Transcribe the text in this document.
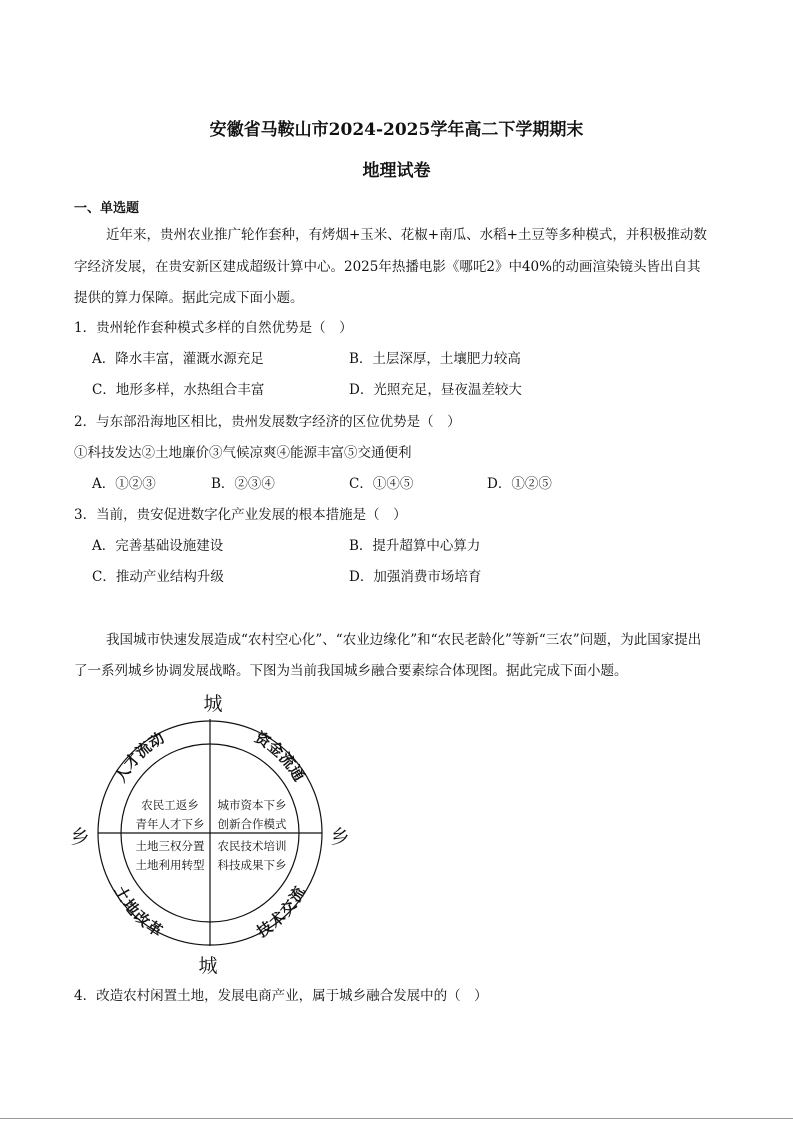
安徽省马鞍山市2024-2025学年高二下学期期末
地理试卷
一、单选题
近年来，贵州农业推广轮作套种，有烤烟+玉米、花椒+南瓜、水稻+土豆等多种模式，并积极推动数
字经济发展，在贵安新区建成超级计算中心。2025年热播电影《哪吒2》中40%的动画渲染镜头皆出自其
提供的算力保障。据此完成下面小题。
1．贵州轮作套种模式多样的自然优势是（　）
A．降水丰富，灌溉水源充足	B．土层深厚，土壤肥力较高
C．地形多样，水热组合丰富	D．光照充足，昼夜温差较大
2．与东部沿海地区相比，贵州发展数字经济的区位优势是（　）
①科技发达②土地廉价③气候凉爽④能源丰富⑤交通便利
A．①②③	B．②③④	C．①④⑤	D．①②⑤
3．当前，贵安促进数字化产业发展的根本措施是（　）
A．完善基础设施建设	B．提升超算中心算力
C．推动产业结构升级	D．加强消费市场培育
我国城市快速发展造成“农村空心化”、“农业边缘化”和“农民老龄化”等新“三农”问题，为此国家提出
了一系列城乡协调发展战略。下图为当前我国城乡融合要素综合体现图。据此完成下面小题。
城
城
乡	乡
人才流动	资金流通
土地改革	技术交流
农民工返乡
青年人才下乡
城市资本下乡
创新合作模式
土地三权分置
土地利用转型
农民技术培训
科技成果下乡
4．改造农村闲置土地，发展电商产业，属于城乡融合发展中的（　）
